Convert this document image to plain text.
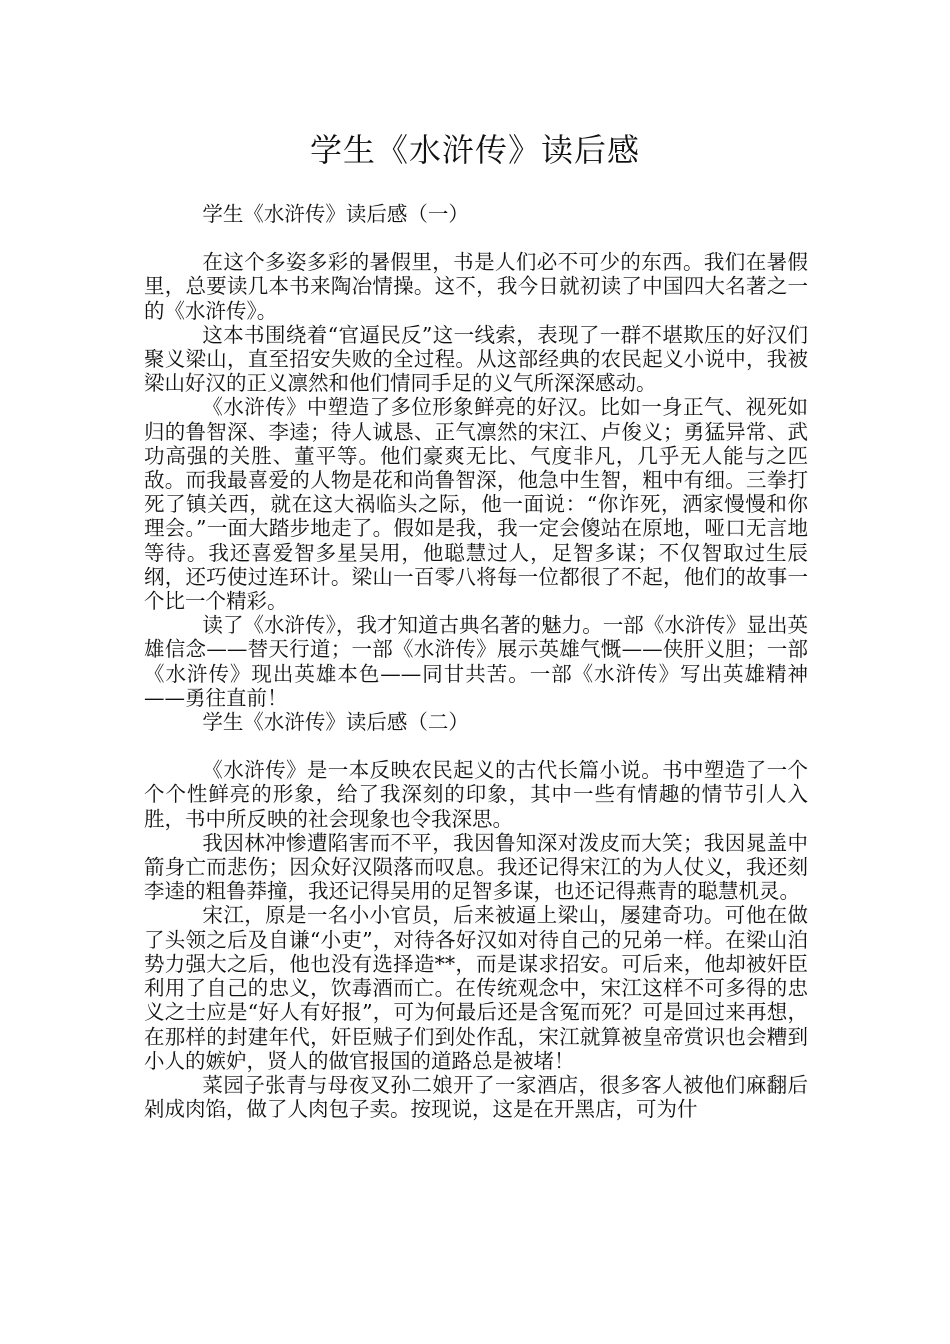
学生《水浒传》读后感
学生《水浒传》读后感（一）

在这个多姿多彩的暑假里，书是人们必不可少的东西。我们在暑假里，总要读几本书来陶冶情操。这不，我今日就初读了中国四大名著之一的《水浒传》。

这本书围绕着“官逼民反”这一线索，表现了一群不堪欺压的好汉们聚义梁山，直至招安失败的全过程。从这部经典的农民起义小说中，我被梁山好汉的正义凛然和他们情同手足的义气所深深感动。

《水浒传》中塑造了多位形象鲜亮的好汉。比如一身正气、视死如归的鲁智深、李逵；待人诚恳、正气凛然的宋江、卢俊义；勇猛异常、武功高强的关胜、董平等。他们豪爽无比、气度非凡，几乎无人能与之匹敌。而我最喜爱的人物是花和尚鲁智深，他急中生智，粗中有细。三拳打死了镇关西，就在这大祸临头之际，他一面说：“你诈死，洒家慢慢和你理会。”一面大踏步地走了。假如是我，我一定会傻站在原地，哑口无言地等待。我还喜爱智多星吴用，他聪慧过人，足智多谋；不仅智取过生辰纲，还巧使过连环计。梁山一百零八将每一位都很了不起，他们的故事一个比一个精彩。

读了《水浒传》，我才知道古典名著的魅力。一部《水浒传》显出英雄信念——替天行道；一部《水浒传》展示英雄气慨——侠肝义胆；一部《水浒传》现出英雄本色——同甘共苦。一部《水浒传》写出英雄精神——勇往直前！

学生《水浒传》读后感（二）

《水浒传》是一本反映农民起义的古代长篇小说。书中塑造了一个个个性鲜亮的形象，给了我深刻的印象，其中一些有情趣的情节引人入胜，书中所反映的社会现象也令我深思。

我因林冲惨遭陷害而不平，我因鲁知深对泼皮而大笑；我因晁盖中箭身亡而悲伤；因众好汉陨落而叹息。我还记得宋江的为人仗义，我还刻李逵的粗鲁莽撞，我还记得吴用的足智多谋，也还记得燕青的聪慧机灵。

宋江，原是一名小小官员，后来被逼上梁山，屡建奇功。可他在做了头领之后及自谦“小吏”，对待各好汉如对待自己的兄弟一样。在梁山泊势力强大之后，他也没有选择造**，而是谋求招安。可后来，他却被奸臣利用了自己的忠义，饮毒酒而亡。在传统观念中，宋江这样不可多得的忠义之士应是“好人有好报”，可为何最后还是含冤而死？可是回过来再想，在那样的封建年代，奸臣贼子们到处作乱，宋江就算被皇帝赏识也会糟到小人的嫉妒，贤人的做官报国的道路总是被堵！

菜园子张青与母夜叉孙二娘开了一家酒店，很多客人被他们麻翻后剁成肉馅，做了人肉包子卖。按现说，这是在开黑店，可为什
